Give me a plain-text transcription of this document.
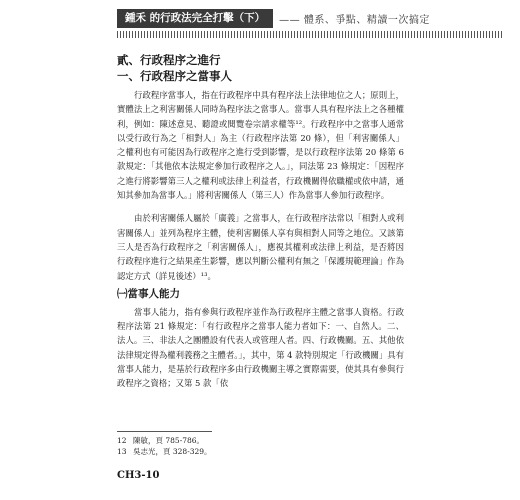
鍾禾 的行政法完全打擊（下）	—— 體系、爭點、精讀一次搞定

貳、行政程序之進行

一、行政程序之當事人

行政程序當事人，指在行政程序中具有程序法上法律地位之人；原則上，實體法上之利害關係人同時為程序法之當事人。當事人具有程序法上之各種權利，例如：陳述意見、聽證或閱覽卷宗請求權等¹²。行政程序中之當事人通常以受行政行為之「相對人」為主（行政程序法第 20 條），但「利害關係人」之權利也有可能因為行政程序之進行受到影響，是以行政程序法第 20 條第 6 款規定：「其他依本法規定參加行政程序之人。」，同法第 23 條規定：「因程序之進行將影響第三人之權利或法律上利益者，行政機關得依職權或依申請，通知其參加為當事人。」將利害關係人（第三人）作為當事人參加行政程序。

由於利害關係人屬於「廣義」之當事人，在行政程序法常以「相對人或利害關係人」並列為程序主體，使利害關係人享有與相對人同等之地位。又該第三人是否為行政程序之「利害關係人」，應視其權利或法律上利益，是否將因行政程序進行之結果產生影響，應以判斷公權利有無之「保護規範理論」作為認定方式（詳見後述）¹³。

㈠當事人能力

當事人能力，指有參與行政程序並作為行政程序主體之當事人資格。行政程序法第 21 條規定：「有行政程序之當事人能力者如下：一、自然人。二、法人。三、非法人之團體設有代表人或管理人者。四、行政機關。五、其他依法律規定得為權利義務之主體者。」，其中，第 4 款特別規定「行政機關」具有當事人能力，是基於行政程序多由行政機關主導之實際需要，使其具有參與行政程序之資格；又第 5 款「依

12 陳敏，頁 785-786。
13 吳志光，頁 328-329。
CH3-10
